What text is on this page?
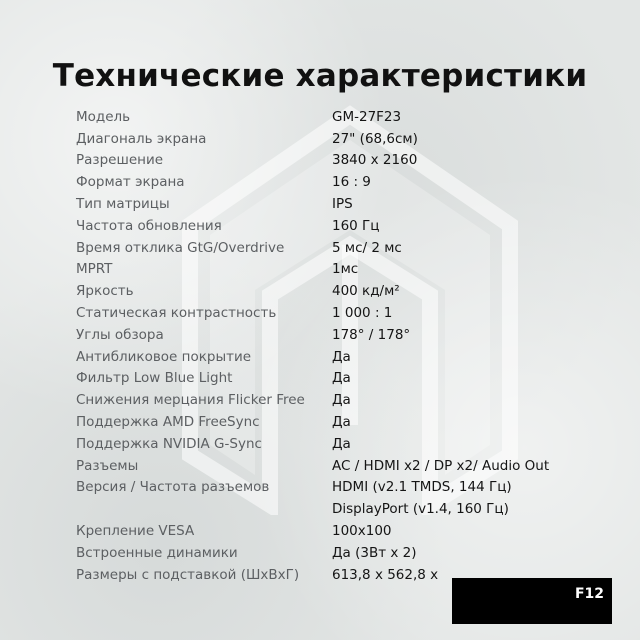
Технические характеристики
Модель	GM-27F23
Диагональ экрана	27" (68,6см)
Разрешение	3840 x 2160
Формат экрана	16 : 9
Тип матрицы	IPS
Частота обновления	160 Гц
Время отклика GtG/Overdrive	5 мс/ 2 мс
MPRT	1мс
Яркость	400 кд/м²
Статическая контрастность	1 000 : 1
Углы обзора	178° / 178°
Антибликовое покрытие	Да
Фильтр Low Blue Light	Да
Снижения мерцания Flicker Free	Да
Поддержка AMD FreeSync	Да
Поддержка NVIDIA G-Sync	Да
Разъемы	AC / HDMI x2 / DP x2/ Audio Out
Версия / Частота разъемов	HDMI (v2.1 TMDS, 144 Гц)
DisplayPort (v1.4, 160 Гц)
Крепление VESA	100x100
Встроенные динамики	Да (3Вт x 2)
Размеры с подставкой (ШхВхГ)	613,8 x 562,8 x
F12
